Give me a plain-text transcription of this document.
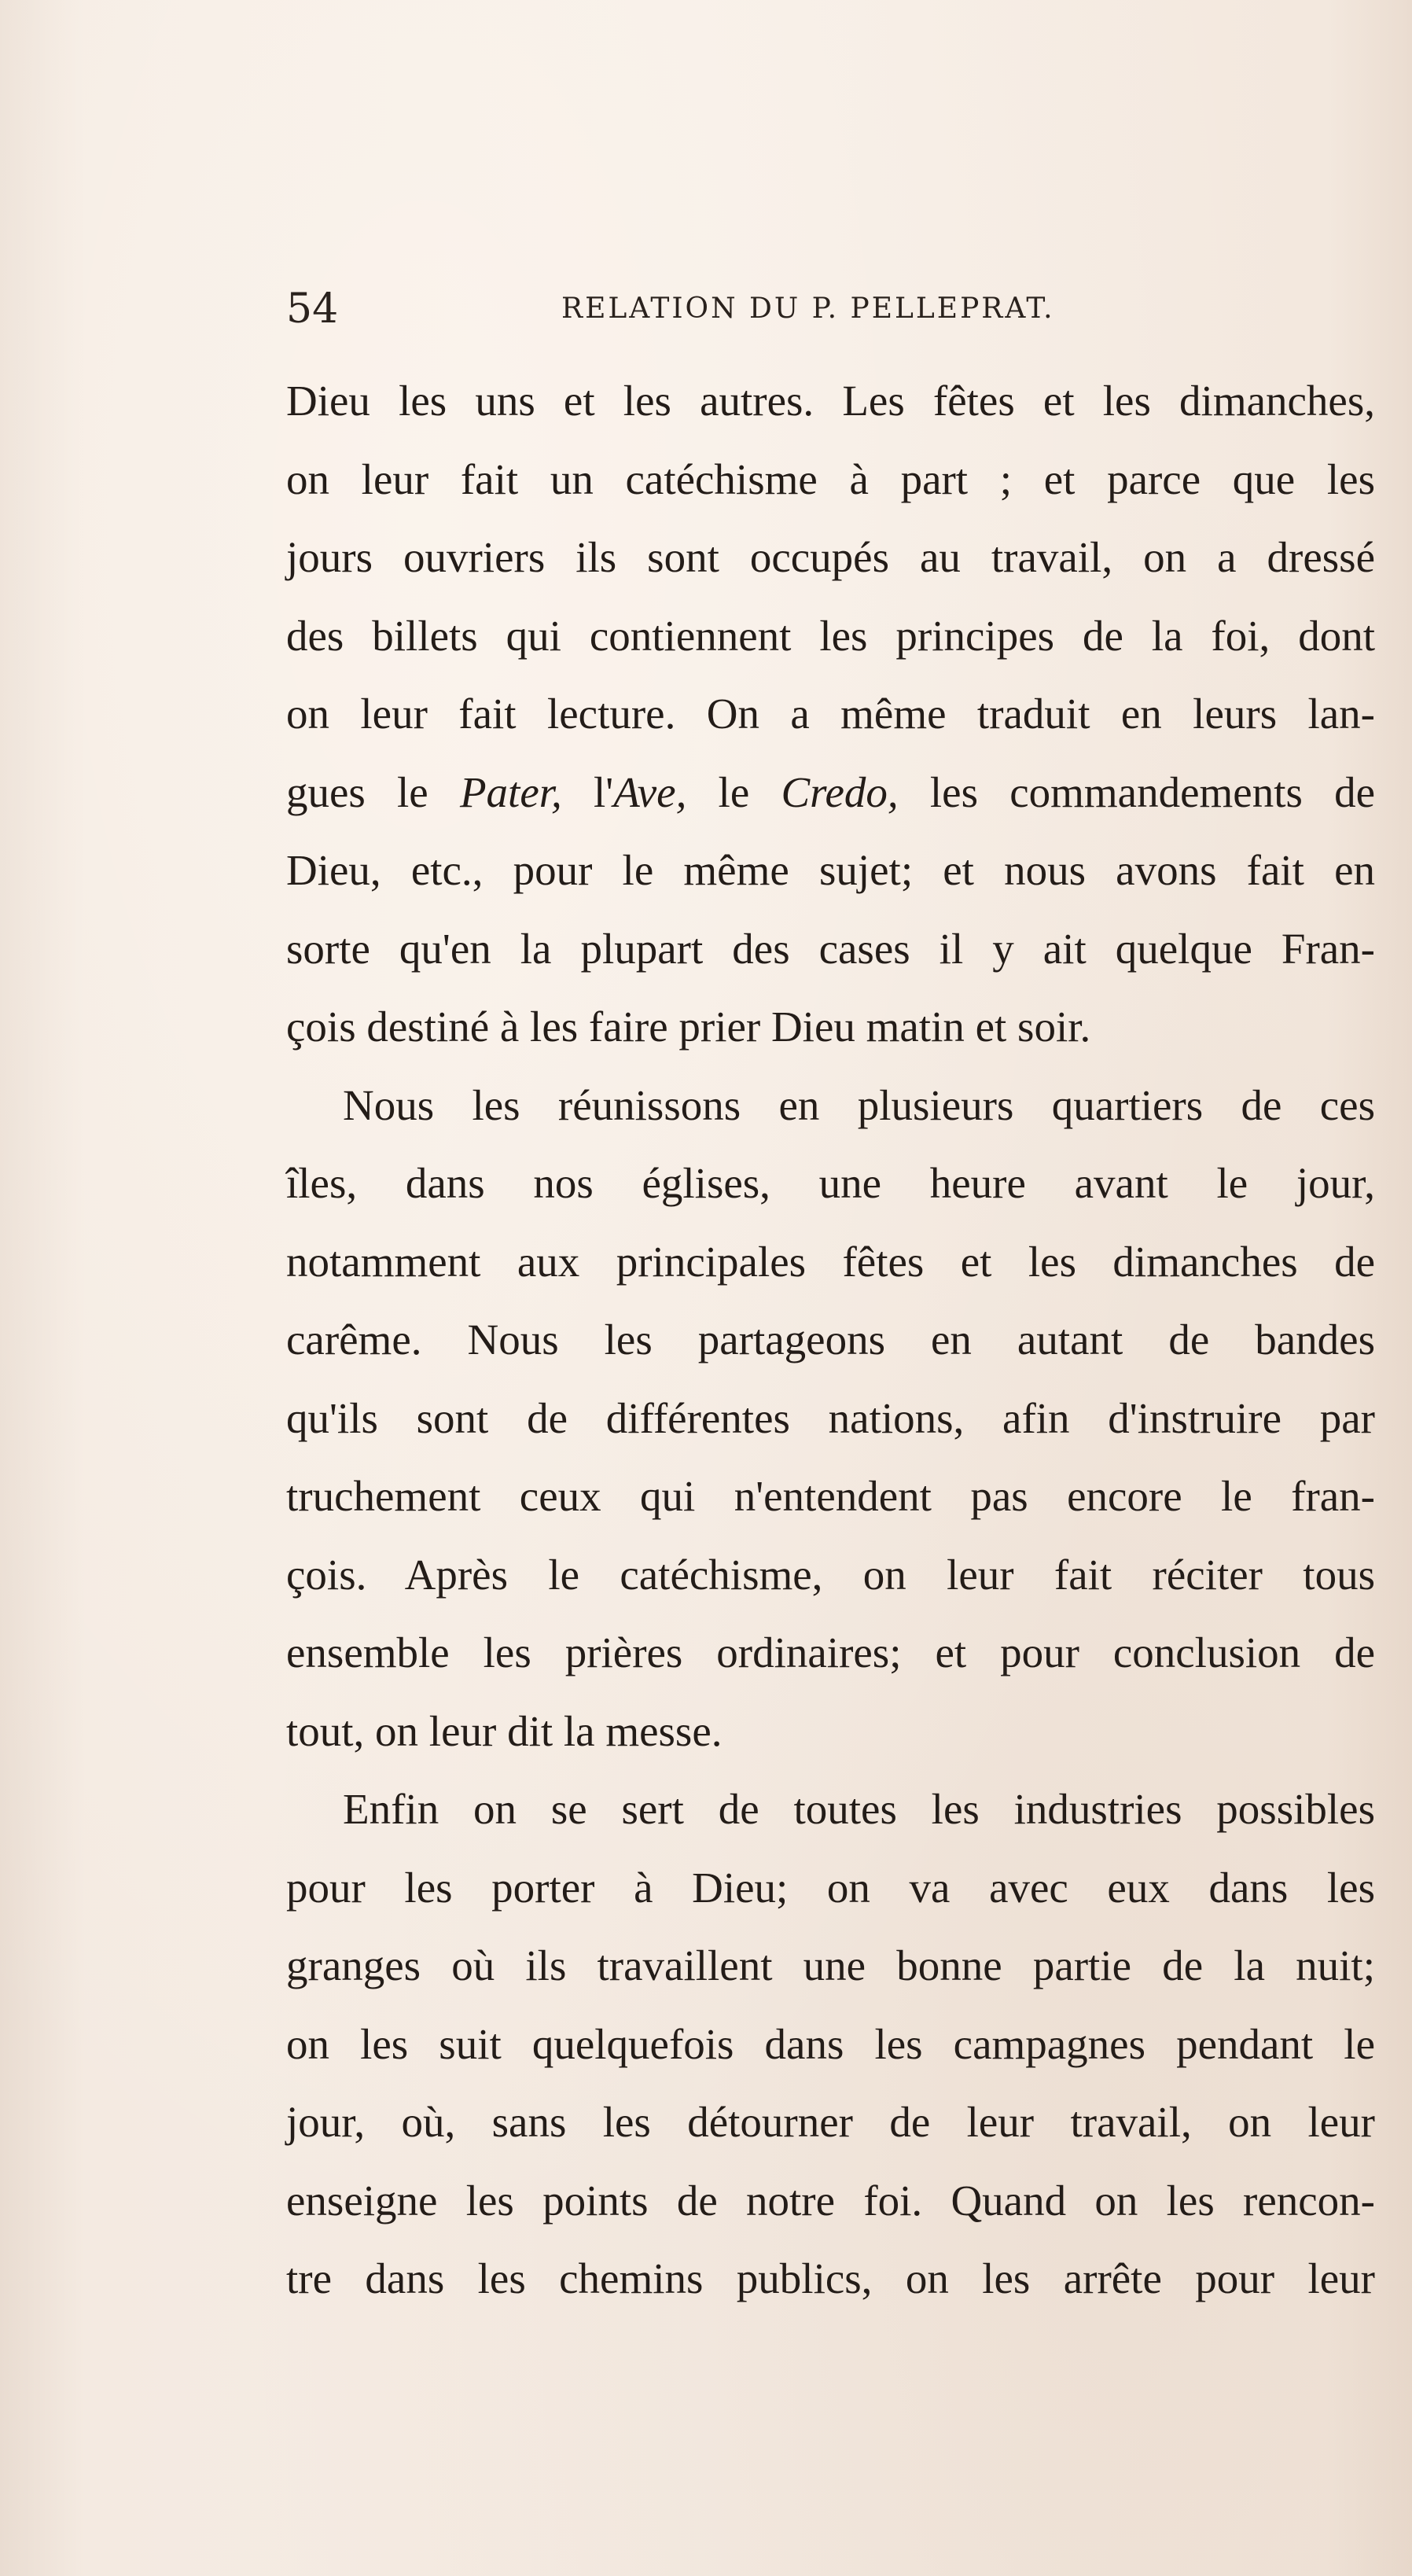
54	RELATION DU P. PELLEPRAT.
Dieu les uns et les autres. Les fêtes et les dimanches,
on leur fait un catéchisme à part ; et parce que les
jours ouvriers ils sont occupés au travail, on a dressé
des billets qui contiennent les principes de la foi, dont
on leur fait lecture. On a même traduit en leurs lan-
gues le Pater, l'Ave, le Credo, les commandements de
Dieu, etc., pour le même sujet; et nous avons fait en
sorte qu'en la plupart des cases il y ait quelque Fran-
çois destiné à les faire prier Dieu matin et soir.
Nous les réunissons en plusieurs quartiers de ces
îles, dans nos églises, une heure avant le jour,
notamment aux principales fêtes et les dimanches de
carême. Nous les partageons en autant de bandes
qu'ils sont de différentes nations, afin d'instruire par
truchement ceux qui n'entendent pas encore le fran-
çois. Après le catéchisme, on leur fait réciter tous
ensemble les prières ordinaires; et pour conclusion de
tout, on leur dit la messe.
Enfin on se sert de toutes les industries possibles
pour les porter à Dieu; on va avec eux dans les
granges où ils travaillent une bonne partie de la nuit;
on les suit quelquefois dans les campagnes pendant le
jour, où, sans les détourner de leur travail, on leur
enseigne les points de notre foi. Quand on les rencon-
tre dans les chemins publics, on les arrête pour leur
